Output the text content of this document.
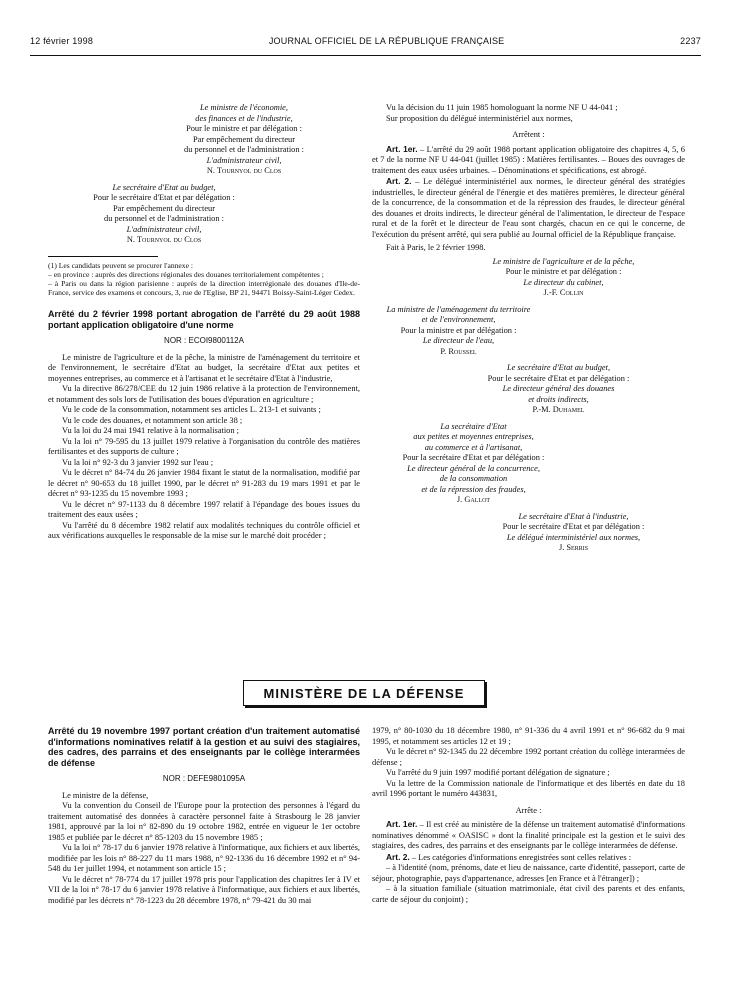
12 février 1998	JOURNAL OFFICIEL DE LA RÉPUBLIQUE FRANÇAISE	2237

Le ministre de l'économie,

des finances et de l'industrie,

Pour le ministre et par délégation :

Par empêchement du directeur

du personnel et de l'administration :

L'administrateur civil,

N. Tournyol du Clos

Le secrétaire d'Etat au budget,

Pour le secrétaire d'Etat et par délégation :

Par empêchement du directeur

du personnel et de l'administration :

L'administrateur civil,

N. Tournyol du Clos

(1) Les candidats peuvent se procurer l'annexe :

– en province : auprès des directions régionales des douanes territorialement compétentes ;

– à Paris ou dans la région parisienne : auprès de la direction interrégionale des douanes d'Ile-de-France, service des examens et concours, 3, rue de l'Eglise, BP 21, 94471 Boissy-Saint-Léger Cedex.

Arrêté du 2 février 1998 portant abrogation de l'arrêté du 29 août 1988 portant application obligatoire d'une norme

NOR : ECOI9800112A

Le ministre de l'agriculture et de la pêche, la ministre de l'aménagement du territoire et de l'environnement, le secrétaire d'Etat au budget, la secrétaire d'Etat aux petites et moyennes entreprises, au commerce et à l'artisanat et le secrétaire d'Etat à l'industrie,

Vu la directive 86/278/CEE du 12 juin 1986 relative à la protection de l'environnement, et notamment des sols lors de l'utilisation des boues d'épuration en agriculture ;

Vu le code de la consommation, notamment ses articles L. 213-1 et suivants ;

Vu le code des douanes, et notamment son article 38 ;

Vu la loi du 24 mai 1941 relative à la normalisation ;

Vu la loi n° 79-595 du 13 juillet 1979 relative à l'organisation du contrôle des matières fertilisantes et des supports de culture ;

Vu la loi n° 92-3 du 3 janvier 1992 sur l'eau ;

Vu le décret n° 84-74 du 26 janvier 1984 fixant le statut de la normalisation, modifié par le décret n° 90-653 du 18 juillet 1990, par le décret n° 91-283 du 19 mars 1991 et par le décret n° 93-1235 du 15 novembre 1993 ;

Vu le décret n° 97-1133 du 8 décembre 1997 relatif à l'épandage des boues issues du traitement des eaux usées ;

Vu l'arrêté du 8 décembre 1982 relatif aux modalités techniques du contrôle officiel et aux vérifications auxquelles le responsable de la mise sur le marché doit procéder ;

Vu la décision du 11 juin 1985 homologuant la norme NF U 44-041 ;

Sur proposition du délégué interministériel aux normes,

Arrêtent :

Art. 1er. – L'arrêté du 29 août 1988 portant application obligatoire des chapitres 4, 5, 6 et 7 de la norme NF U 44-041 (juillet 1985) : Matières fertilisantes. – Boues des ouvrages de traitement des eaux usées urbaines. – Dénominations et spécifications, est abrogé.

Art. 2. – Le délégué interministériel aux normes, le directeur général des stratégies industrielles, le directeur général de l'énergie et des matières premières, le directeur général de la concurrence, de la consommation et de la répression des fraudes, le directeur général des douanes et droits indirects, le directeur général de l'alimentation, le directeur de l'espace rural et de la forêt et le directeur de l'eau sont chargés, chacun en ce qui le concerne, de l'exécution du présent arrêté, qui sera publié au Journal officiel de la République française.

Fait à Paris, le 2 février 1998.

Le ministre de l'agriculture et de la pêche,

Pour le ministre et par délégation :

Le directeur du cabinet,

J.-F. Collin

La ministre de l'aménagement du territoire

et de l'environnement,

Pour la ministre et par délégation :

Le directeur de l'eau,

P. Roussel

Le secrétaire d'Etat au budget,

Pour le secrétaire d'Etat et par délégation :

Le directeur général des douanes

et droits indirects,

P.-M. Duhamel

La secrétaire d'Etat

aux petites et moyennes entreprises,

au commerce et à l'artisanat,

Pour la secrétaire d'Etat et par délégation :

Le directeur général de la concurrence,

de la consommation

et de la répression des fraudes,

J. Gallot

Le secrétaire d'Etat à l'industrie,

Pour le secrétaire d'Etat et par délégation :

Le délégué interministériel aux normes,

J. Serris

MINISTÈRE DE LA DÉFENSE

Arrêté du 19 novembre 1997 portant création d'un traitement automatisé d'informations nominatives relatif à la gestion et au suivi des stagiaires, des cadres, des parrains et des enseignants par le collège interarmées de défense

NOR : DEFE9801095A

Le ministre de la défense,

Vu la convention du Conseil de l'Europe pour la protection des personnes à l'égard du traitement automatisé des données à caractère personnel faite à Strasbourg le 28 janvier 1981, approuvé par la loi n° 82-890 du 19 octobre 1982, entrée en vigueur le 1er octobre 1985 et publiée par le décret n° 85-1203 du 15 novembre 1985 ;

Vu la loi n° 78-17 du 6 janvier 1978 relative à l'informatique, aux fichiers et aux libertés, modifiée par les lois n° 88-227 du 11 mars 1988, n° 92-1336 du 16 décembre 1992 et n° 94-548 du 1er juillet 1994, et notamment son article 15 ;

Vu le décret n° 78-774 du 17 juillet 1978 pris pour l'application des chapitres Ier à IV et VII de la loi n° 78-17 du 6 janvier 1978 relative à l'informatique, aux fichiers et aux libertés, modifié par les décrets n° 78-1223 du 28 décembre 1978, n° 79-421 du 30 mai

1979, n° 80-1030 du 18 décembre 1980, n° 91-336 du 4 avril 1991 et n° 96-682 du 9 mai 1995, et notamment ses articles 12 et 19 ;

Vu le décret n° 92-1345 du 22 décembre 1992 portant création du collège interarmées de défense ;

Vu l'arrêté du 9 juin 1997 modifié portant délégation de signature ;

Vu la lettre de la Commission nationale de l'informatique et des libertés en date du 18 avril 1996 portant le numéro 443831,

Arrête :

Art. 1er. – Il est créé au ministère de la défense un traitement automatisé d'informations nominatives dénommé « OASISC » dont la finalité principale est la gestion et le suivi des stagiaires, des cadres, des parrains et des enseignants par le collège interarmées de défense.

Art. 2. – Les catégories d'informations enregistrées sont celles relatives :

– à l'identité (nom, prénoms, date et lieu de naissance, carte d'identité, passeport, carte de séjour, photographie, pays d'appartenance, adresses [en France et à l'étranger]) ;

– à la situation familiale (situation matrimoniale, état civil des parents et des enfants, carte de séjour du conjoint) ;
